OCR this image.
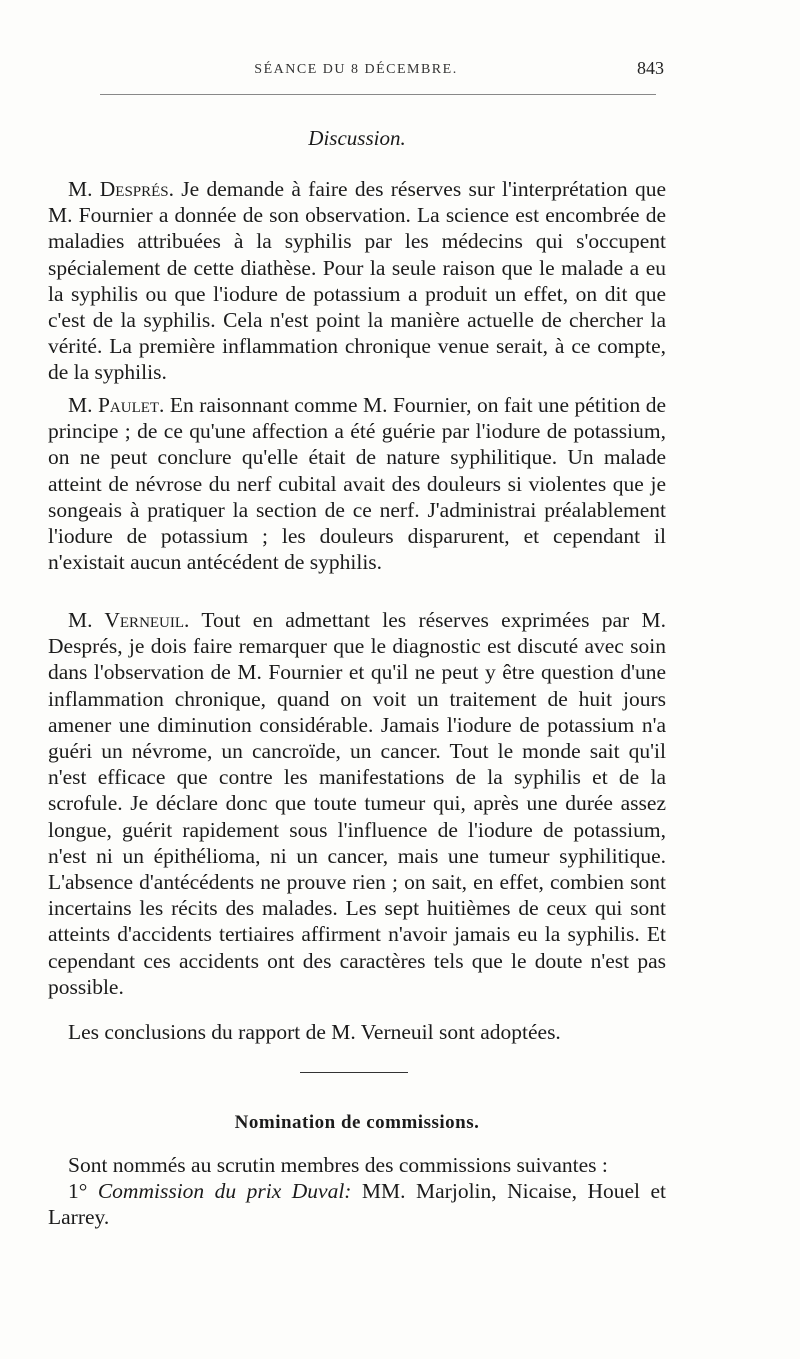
SÉANCE DU 8 DÉCEMBRE.	843
Discussion.

M. Després. Je demande à faire des réserves sur l'interprétation que M. Fournier a donnée de son observation. La science est encombrée de maladies attribuées à la syphilis par les médecins qui s'occupent spécialement de cette diathèse. Pour la seule raison que le malade a eu la syphilis ou que l'iodure de potassium a produit un effet, on dit que c'est de la syphilis. Cela n'est point la manière actuelle de chercher la vérité. La première inflammation chronique venue serait, à ce compte, de la syphilis.

M. Paulet. En raisonnant comme M. Fournier, on fait une pétition de principe ; de ce qu'une affection a été guérie par l'iodure de potassium, on ne peut conclure qu'elle était de nature syphilitique. Un malade atteint de névrose du nerf cubital avait des douleurs si violentes que je songeais à pratiquer la section de ce nerf. J'administrai préalablement l'iodure de potassium ; les douleurs disparurent, et cependant il n'existait aucun antécédent de syphilis.

M. Verneuil. Tout en admettant les réserves exprimées par M. Després, je dois faire remarquer que le diagnostic est discuté avec soin dans l'observation de M. Fournier et qu'il ne peut y être question d'une inflammation chronique, quand on voit un traitement de huit jours amener une diminution considérable. Jamais l'iodure de potassium n'a guéri un névrome, un cancroïde, un cancer. Tout le monde sait qu'il n'est efficace que contre les manifestations de la syphilis et de la scrofule. Je déclare donc que toute tumeur qui, après une durée assez longue, guérit rapidement sous l'influence de l'iodure de potassium, n'est ni un épithélioma, ni un cancer, mais une tumeur syphilitique. L'absence d'antécédents ne prouve rien ; on sait, en effet, combien sont incertains les récits des malades. Les sept huitièmes de ceux qui sont atteints d'accidents tertiaires affirment n'avoir jamais eu la syphilis. Et cependant ces accidents ont des caractères tels que le doute n'est pas possible.

Les conclusions du rapport de M. Verneuil sont adoptées.

Nomination de commissions.

Sont nommés au scrutin membres des commissions suivantes :

1° Commission du prix Duval: MM. Marjolin, Nicaise, Houel et Larrey.
